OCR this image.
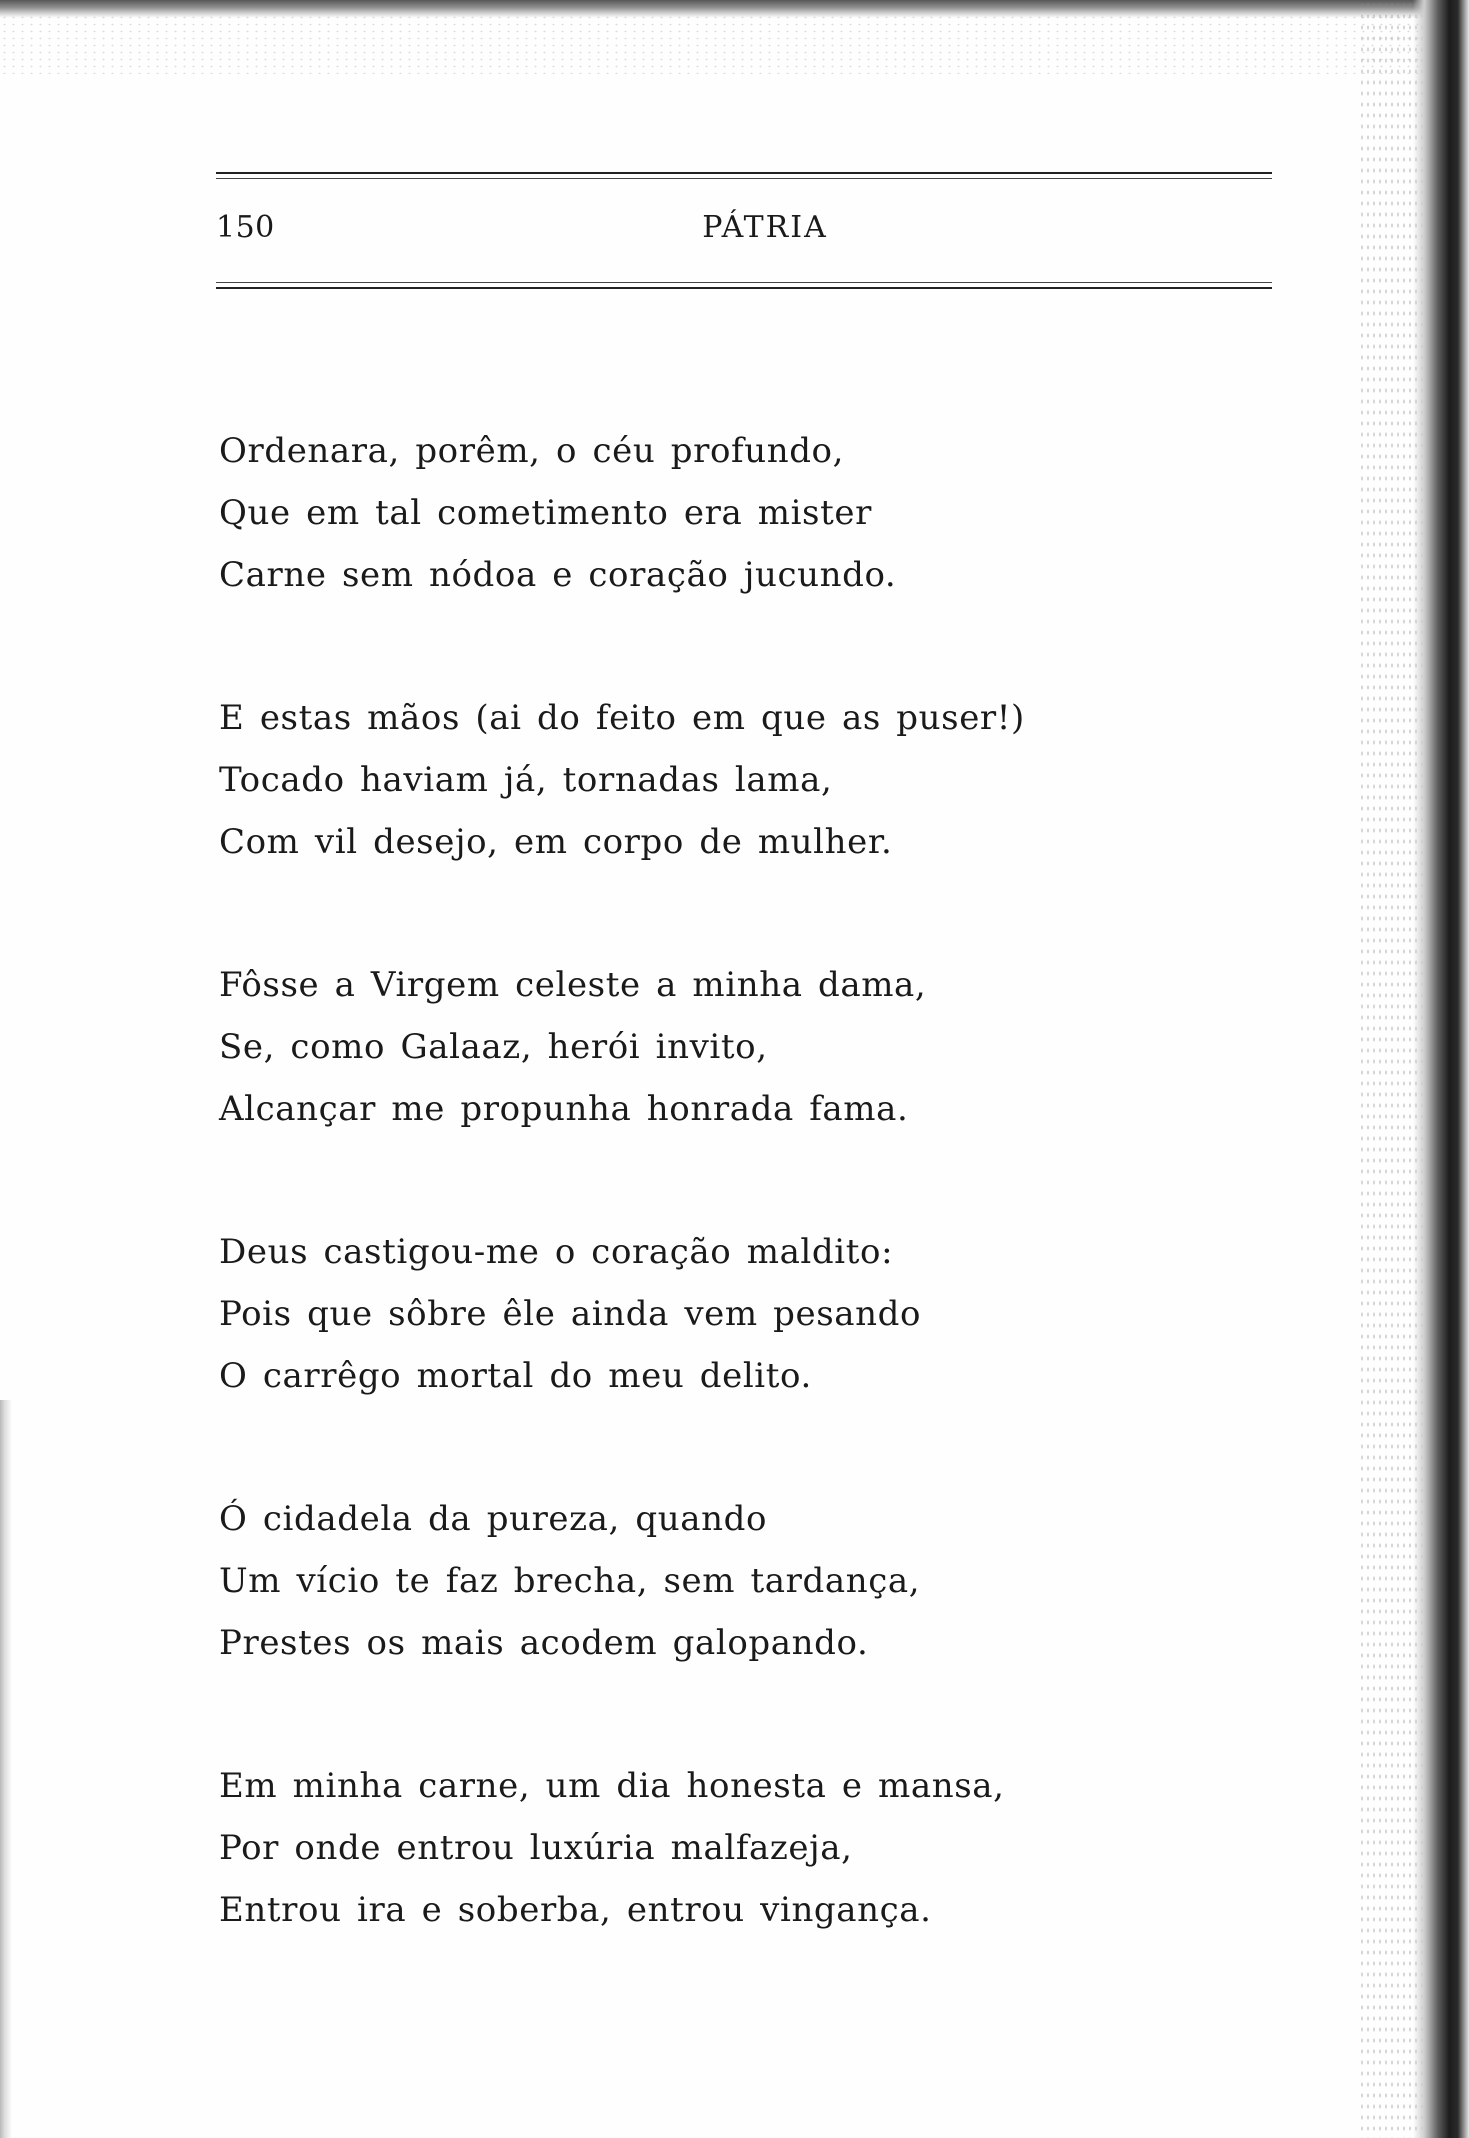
150	PÁTRIA
Ordenara, porêm, o céu profundo,
Que em tal cometimento era mister
Carne sem nódoa e coração jucundo.
E estas mãos (ai do feito em que as puser!)
Tocado haviam já, tornadas lama,
Com vil desejo, em corpo de mulher.
Fôsse a Virgem celeste a minha dama,
Se, como Galaaz, herói invito,
Alcançar me propunha honrada fama.
Deus castigou-me o coração maldito:
Pois que sôbre êle ainda vem pesando
O carrêgo mortal do meu delito.
Ó cidadela da pureza, quando
Um vício te faz brecha, sem tardança,
Prestes os mais acodem galopando.
Em minha carne, um dia honesta e mansa,
Por onde entrou luxúria malfazeja,
Entrou ira e soberba, entrou vingança.
